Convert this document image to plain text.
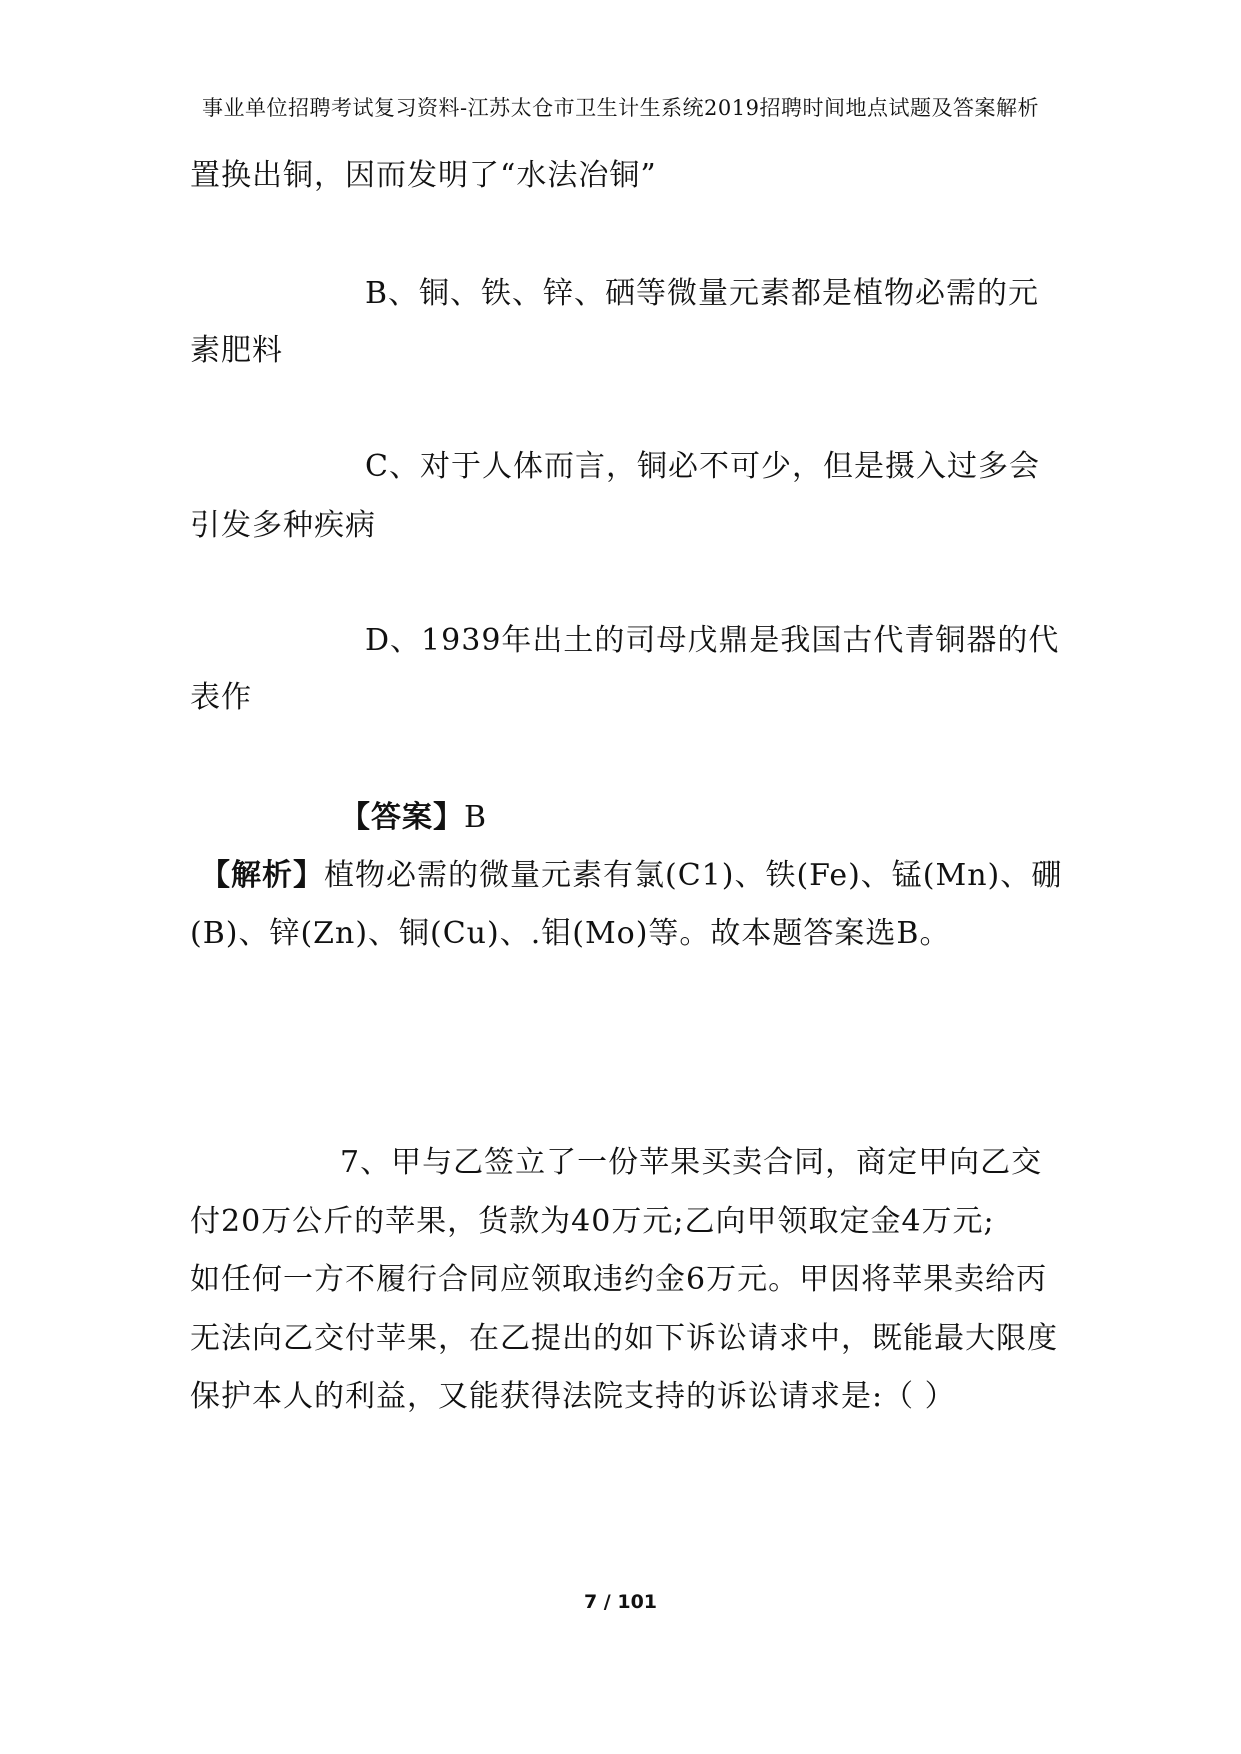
事业单位招聘考试复习资料-江苏太仓市卫生计生系统2019招聘时间地点试题及答案解析
置换出铜，因而发明了“水法冶铜”
B、铜、铁、锌、硒等微量元素都是植物必需的元
素肥料
C、对于人体而言，铜必不可少，但是摄入过多会
引发多种疾病
D、1939年出土的司母戊鼎是我国古代青铜器的代
表作
【答案】B
【解析】植物必需的微量元素有氯(C1)、铁(Fe)、锰(Mn)、硼
(B)、锌(Zn)、铜(Cu)、.钼(Mo)等。故本题答案选B。
7、甲与乙签立了一份苹果买卖合同，商定甲向乙交
付20万公斤的苹果，货款为40万元;乙向甲领取定金4万元;
如任何一方不履行合同应领取违约金6万元。甲因将苹果卖给丙
无法向乙交付苹果，在乙提出的如下诉讼请求中，既能最大限度
保护本人的利益，又能获得法院支持的诉讼请求是:（ ）
7 / 101
